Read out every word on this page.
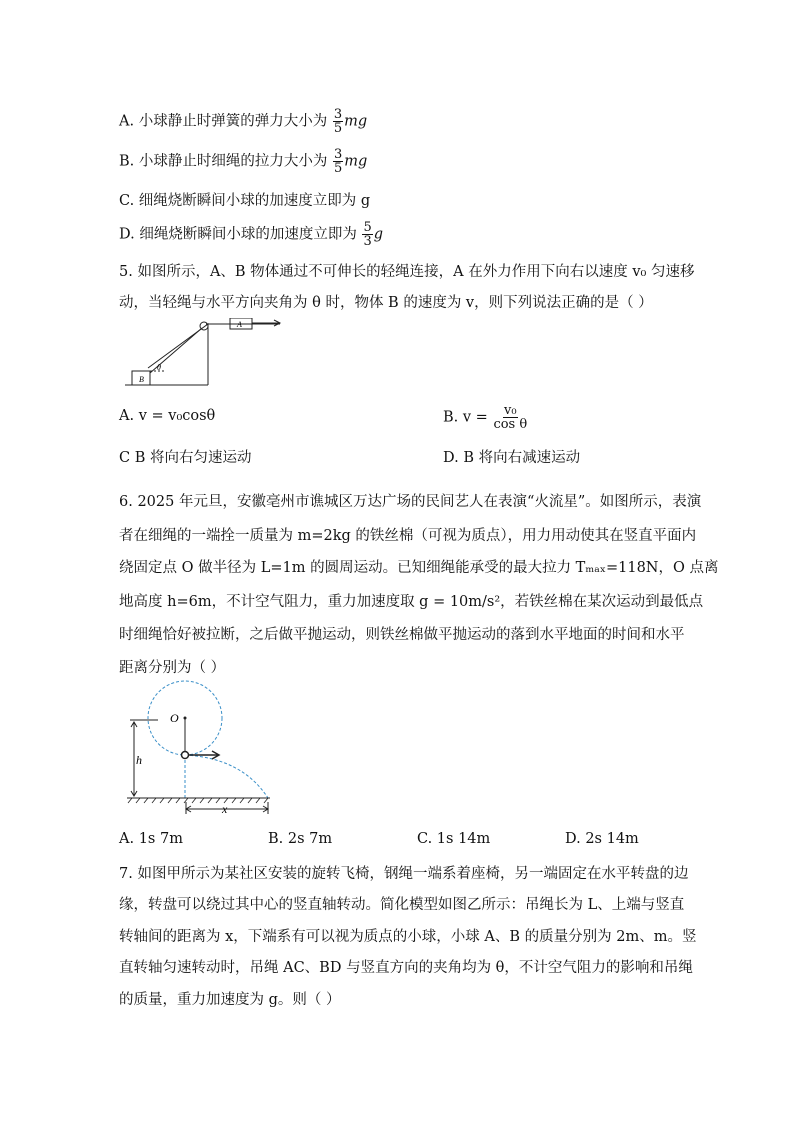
A. 小球静止时弹簧的弹力大小为 $\frac{3}{5}$ mg
B. 小球静止时细绳的拉力大小为 $\frac{3}{5}$ mg
C. 细绳烧断瞬间小球的加速度立即为 g
D. 细绳烧断瞬间小球的加速度立即为 $\frac{5}{3}$ g
5. 如图所示，A、B 物体通过不可伸长的轻绳连接，A 在外力作用下向右以速度 v₀ 匀速移
动，当轻绳与水平方向夹角为 θ 时，物体 B 的速度为 v，则下列说法正确的是（ ）
B
A
θ
A. v = v₀cosθ	B. $v = \frac{\text{v₀}}{\text{cos θ}}$
C B 将向右匀速运动	D. B 将向右减速运动
6. 2025 年元旦，安徽亳州市谯城区万达广场的民间艺人在表演“火流星”。如图所示，表演
者在细绳的一端拴一质量为 m=2kg 的铁丝棉（可视为质点），用力用动使其在竖直平面内
绕固定点 O 做半径为 L=1m 的圆周运动。已知细绳能承受的最大拉力 Tₘₐₓ=118N，O 点离
地高度 h=6m，不计空气阻力，重力加速度取 g = 10m/s²，若铁丝棉在某次运动到最低点
时细绳恰好被拉断，之后做平抛运动，则铁丝棉做平抛运动的落到水平地面的时间和水平
距离分别为（ ）
O
h
x
A. 1s 7m	B. 2s 7m	C. 1s 14m	D. 2s 14m
7. 如图甲所示为某社区安装的旋转飞椅，钢绳一端系着座椅，另一端固定在水平转盘的边
缘，转盘可以绕过其中心的竖直轴转动。简化模型如图乙所示：吊绳长为 L、上端与竖直
转轴间的距离为 x，下端系有可以视为质点的小球，小球 A、B 的质量分别为 2m、m。竖
直转轴匀速转动时，吊绳 AC、BD 与竖直方向的夹角均为 θ，不计空气阻力的影响和吊绳
的质量，重力加速度为 g。则（ ）
